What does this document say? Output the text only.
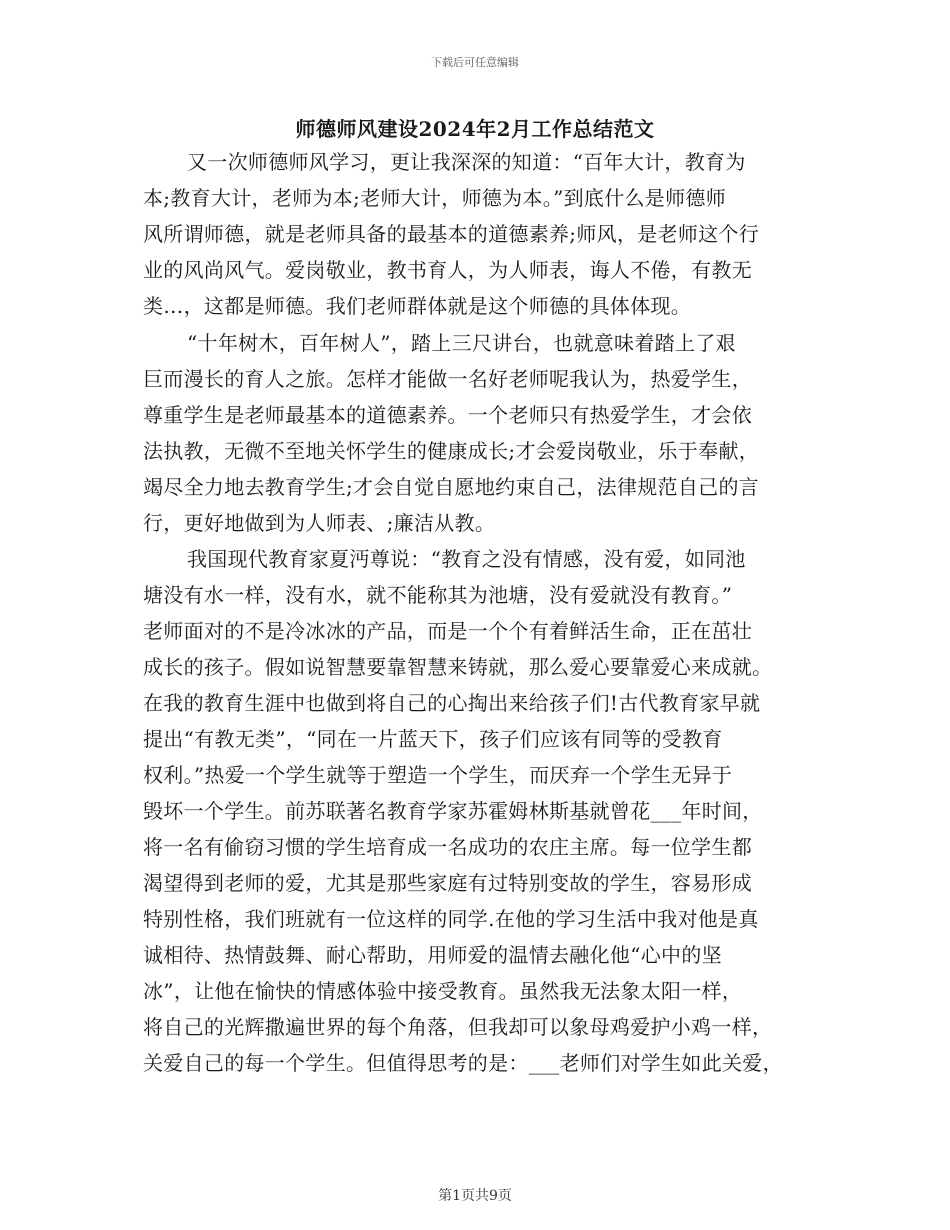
下载后可任意编辑
师德师风建设2024年2月工作总结范文
又一次师德师风学习，更让我深深的知道：“百年大计，教育为
本;教育大计，老师为本;老师大计，师德为本。”到底什么是师德师
风所谓师德，就是老师具备的最基本的道德素养;师风，是老师这个行
业的风尚风气。爱岗敬业，教书育人，为人师表，诲人不倦，有教无
类…，这都是师德。我们老师群体就是这个师德的具体体现。
“十年树木，百年树人”，踏上三尺讲台，也就意味着踏上了艰
巨而漫长的育人之旅。怎样才能做一名好老师呢我认为，热爱学生，
尊重学生是老师最基本的道德素养。一个老师只有热爱学生，才会依
法执教，无微不至地关怀学生的健康成长;才会爱岗敬业，乐于奉献，
竭尽全力地去教育学生;才会自觉自愿地约束自己，法律规范自己的言
行，更好地做到为人师表、;廉洁从教。
我国现代教育家夏沔尊说：“教育之没有情感，没有爱，如同池
塘没有水一样，没有水，就不能称其为池塘，没有爱就没有教育。”
老师面对的不是冷冰冰的产品，而是一个个有着鲜活生命，正在茁壮
成长的孩子。假如说智慧要靠智慧来铸就，那么爱心要靠爱心来成就。
在我的教育生涯中也做到将自己的心掏出来给孩子们!古代教育家早就
提出“有教无类”，“同在一片蓝天下，孩子们应该有同等的受教育
权利。”热爱一个学生就等于塑造一个学生，而厌弃一个学生无异于
毁坏一个学生。前苏联著名教育学家苏霍姆林斯基就曾花___年时间，
将一名有偷窃习惯的学生培育成一名成功的农庄主席。每一位学生都
渴望得到老师的爱，尤其是那些家庭有过特别变故的学生，容易形成
特别性格，我们班就有一位这样的同学.在他的学习生活中我对他是真
诚相待、热情鼓舞、耐心帮助，用师爱的温情去融化他“心中的坚
冰”，让他在愉快的情感体验中接受教育。虽然我无法象太阳一样，
将自己的光辉撒遍世界的每个角落，但我却可以象母鸡爱护小鸡一样，
关爱自己的每一个学生。但值得思考的是：___老师们对学生如此关爱，
第1页共9页
